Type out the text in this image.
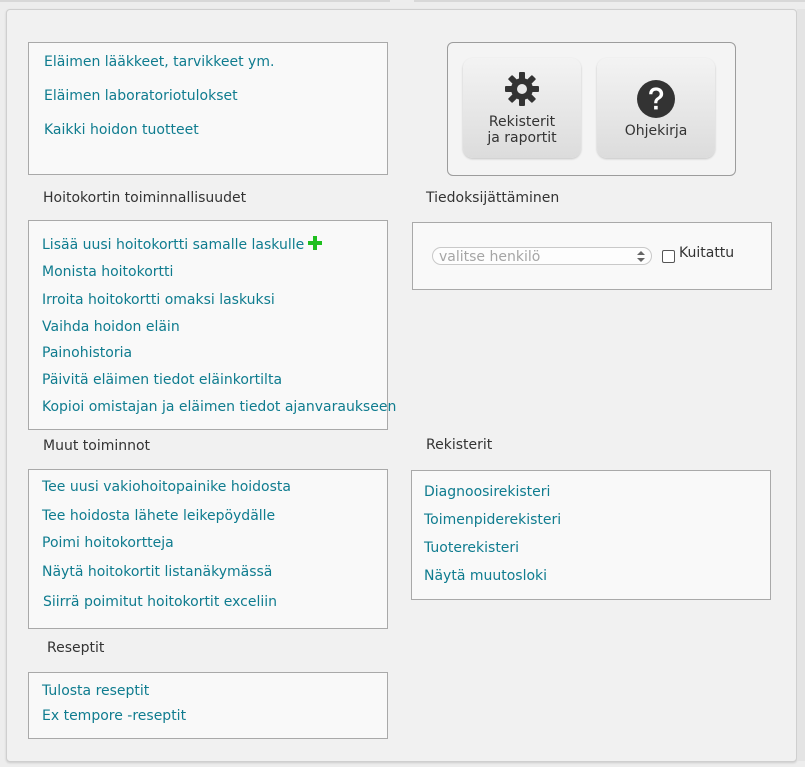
Eläimen lääkkeet, tarvikkeet ym.
Eläimen laboratoriotulokset
Kaikki hoidon tuotteet	Rekisterit
ja raportit	Ohjekirja
Hoitokortin toiminnallisuudet
Lisää uusi hoitokortti samalle laskulle
Monista hoitokortti
Irroita hoitokortti omaksi laskuksi
Vaihda hoidon eläin
Painohistoria
Päivitä eläimen tiedot eläinkortilta
Kopioi omistajan ja eläimen tiedot ajanvaraukseen
Tiedoksijättäminen
valitse henkilö	Kuitattu
Muut toiminnot
Tee uusi vakiohoitopainike hoidosta
Tee hoidosta lähete leikepöydälle
Poimi hoitokortteja
Näytä hoitokortit listanäkymässä
Siirrä poimitut hoitokortit exceliin
Rekisterit
Diagnoosirekisteri
Toimenpiderekisteri
Tuoterekisteri
Näytä muutosloki
Reseptit
Tulosta reseptit
Ex tempore -reseptit
